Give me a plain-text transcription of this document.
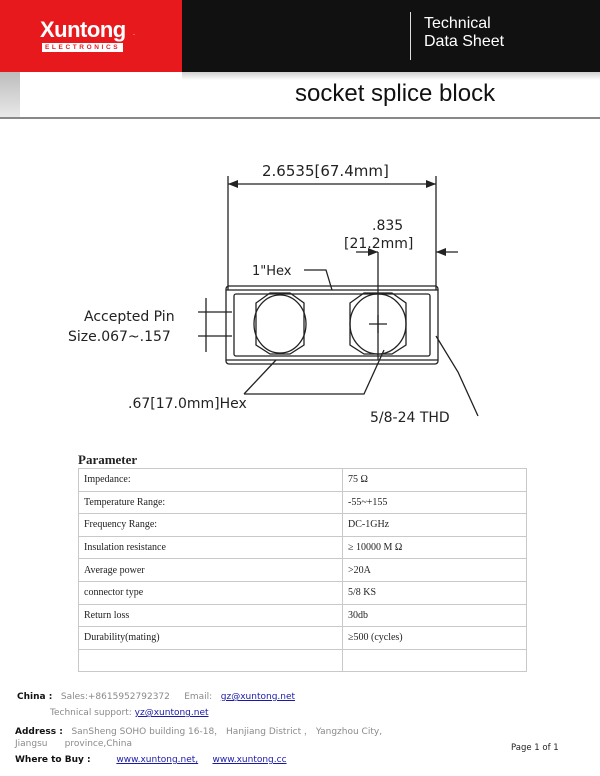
Xuntong .
ELECTRONICS
Technical
Data Sheet
socket splice block
2.6535[67.4mm]
.835
[21.2mm]
1"Hex
Accepted Pin
Size.067~.157
.67[17.0mm]Hex
5/8-24 THD
Parameter
Impedance:	75 Ω
Temperature Range:	-55~+155
Frequency Range:	DC-1GHz
Insulation resistance	≥ 10000 M Ω
Average power	>20A
connector type	5/8 KS
Return loss	30db
Durability(mating)	≥500 (cycles)

China : Sales:+8615952792372 Email: gz@xuntong.net
Technical support: yz@xuntong.net
Address : SanSheng SOHO building 16-18， Hanjiang District ， Yangzhou City,
Jiangsu province,China
Where to Buy :	www.xuntong.net, www.xuntong.cc
Page 1 of 1
